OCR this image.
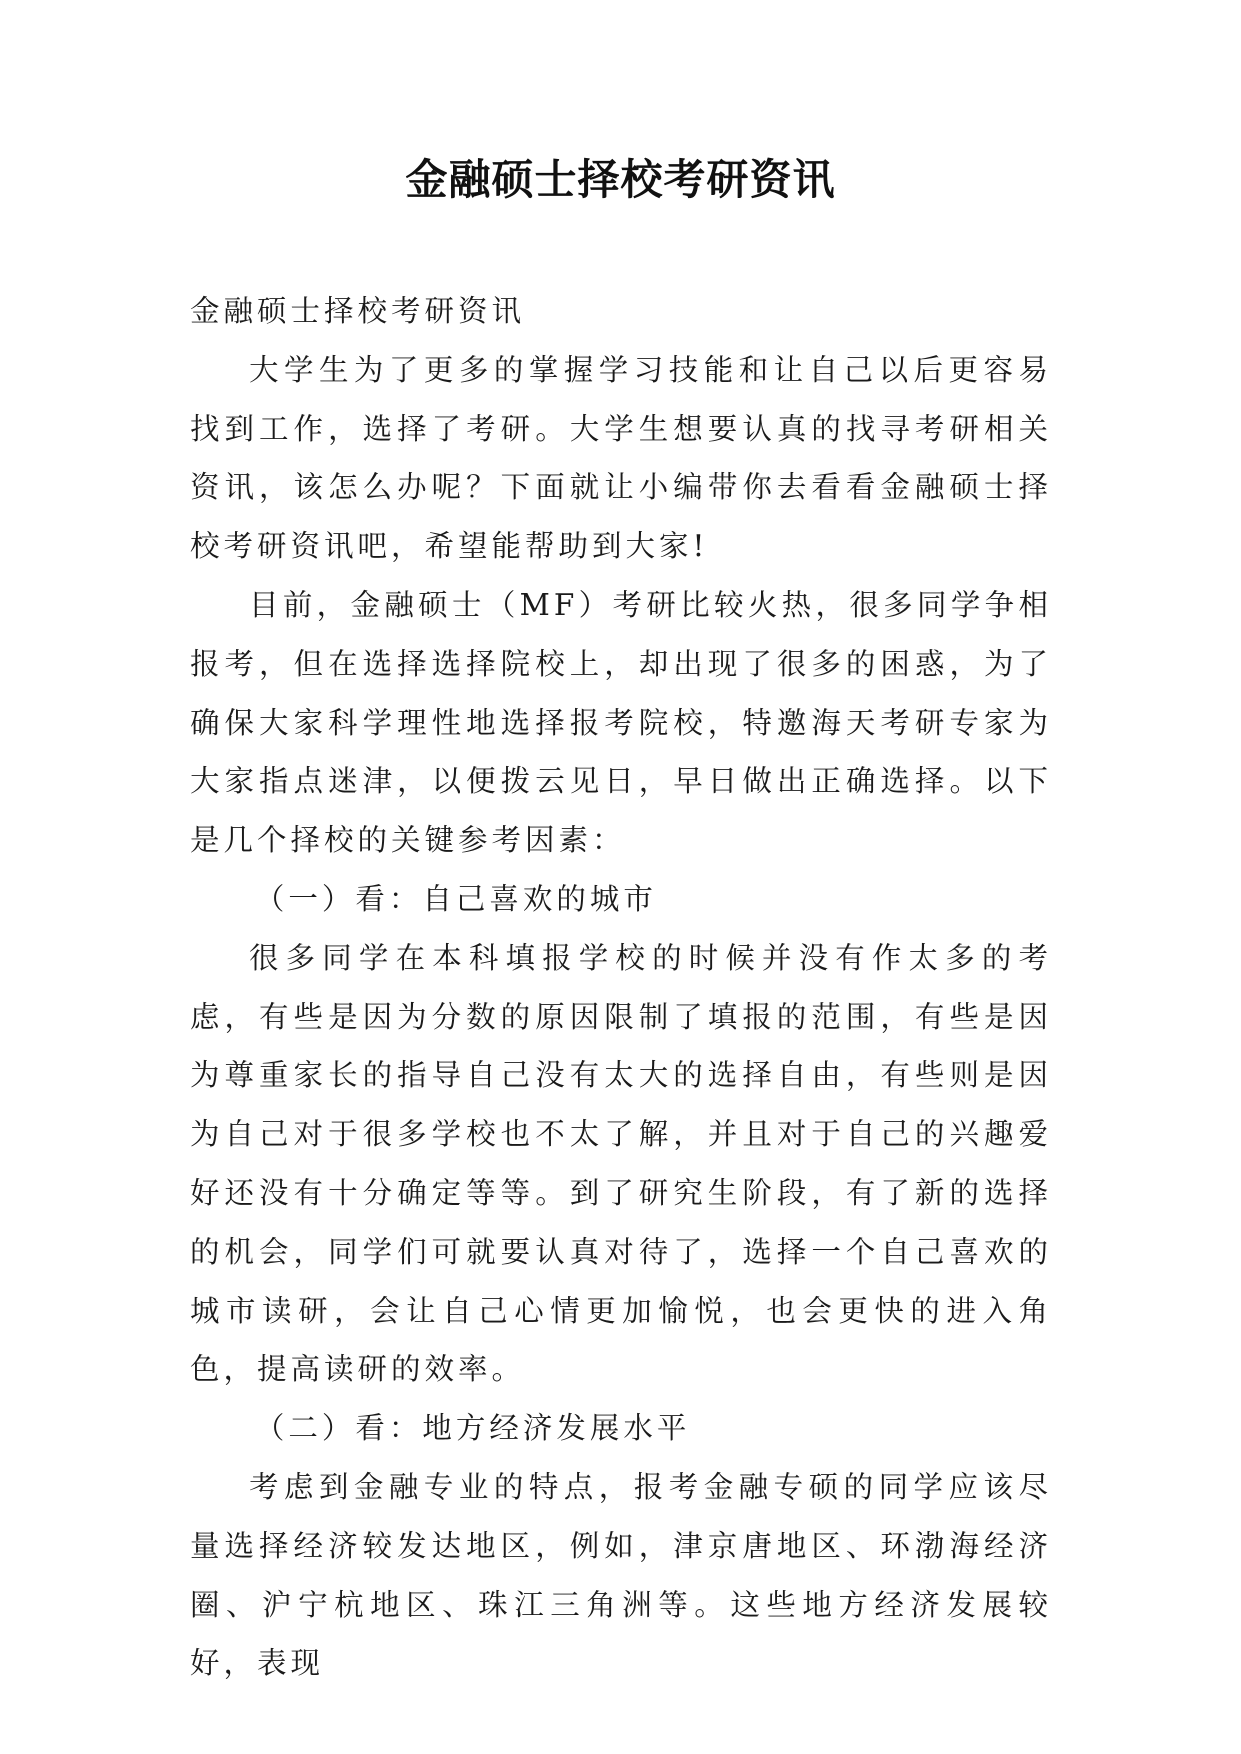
金融硕士择校考研资讯

金融硕士择校考研资讯

大学生为了更多的掌握学习技能和让自己以后更容易找到工作，选择了考研。大学生想要认真的找寻考研相关资讯，该怎么办呢？下面就让小编带你去看看金融硕士择校考研资讯吧，希望能帮助到大家!

目前，金融硕士（MF）考研比较火热，很多同学争相报考，但在选择选择院校上，却出现了很多的困惑，为了确保大家科学理性地选择报考院校，特邀海天考研专家为大家指点迷津，以便拨云见日，早日做出正确选择。以下是几个择校的关键参考因素：

（一）看：自己喜欢的城市

很多同学在本科填报学校的时候并没有作太多的考虑，有些是因为分数的原因限制了填报的范围，有些是因为尊重家长的指导自己没有太大的选择自由，有些则是因为自己对于很多学校也不太了解，并且对于自己的兴趣爱好还没有十分确定等等。到了研究生阶段，有了新的选择的机会，同学们可就要认真对待了，选择一个自己喜欢的城市读研，会让自己心情更加愉悦，也会更快的进入角色，提高读研的效率。

（二）看：地方经济发展水平

考虑到金融专业的特点，报考金融专硕的同学应该尽量选择经济较发达地区，例如，津京唐地区、环渤海经济圈、沪宁杭地区、珠江三角洲等。这些地方经济发展较好，表现
